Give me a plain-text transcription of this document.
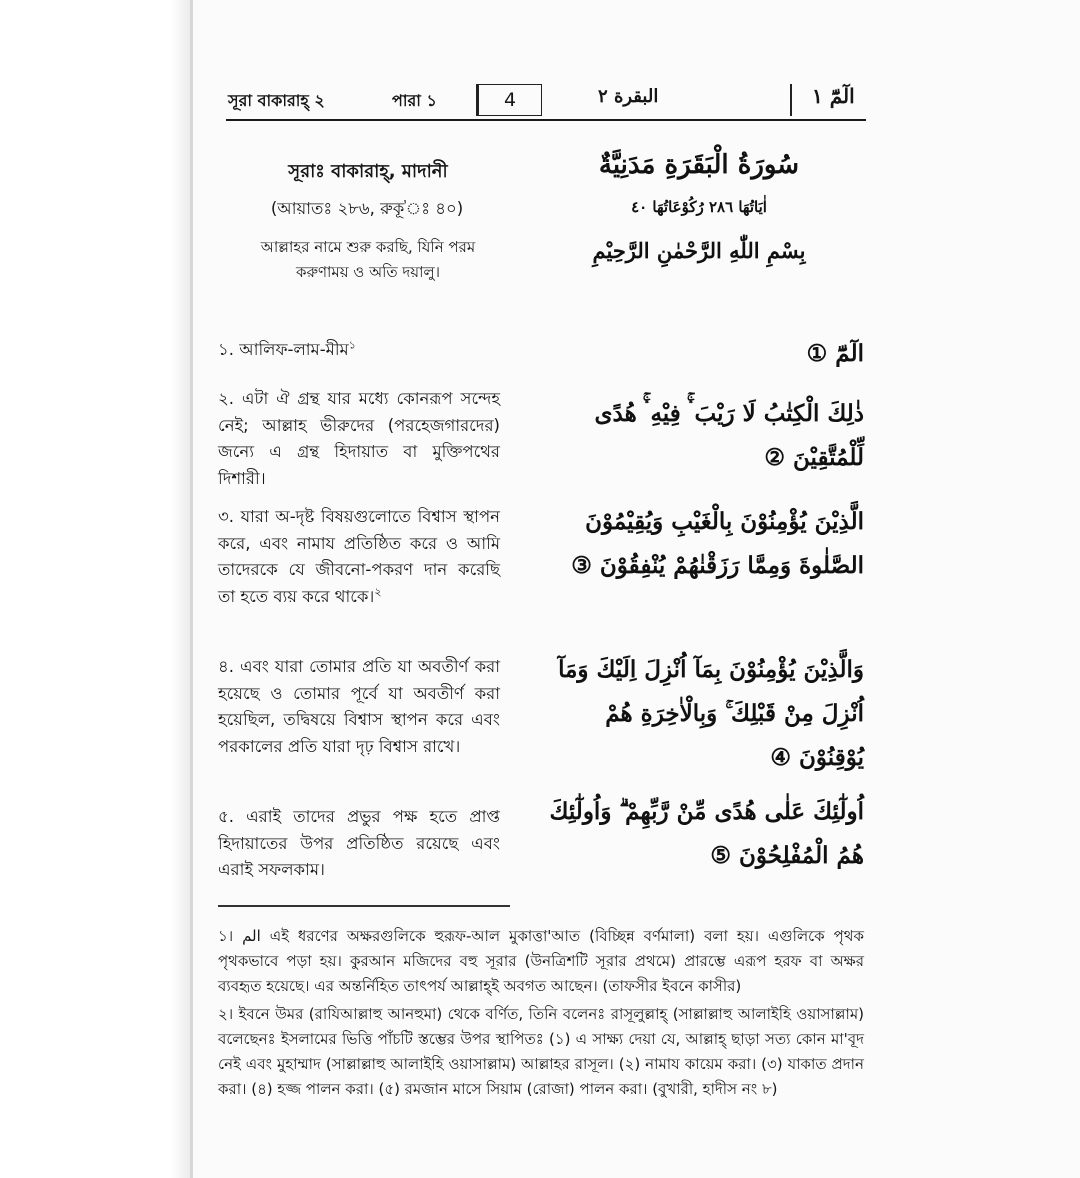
সূরা বাকারাহ্ ২	পারা ১	4	البقرة ٢	الٓمّٓ ١
সূরাঃ বাকারাহ্, মাদানী
(আয়াতঃ ২৮৬, রুকূ'ঃ ৪০)
আল্লাহর নামে শুরু করছি, যিনি পরম করুণাময় ও অতি দয়ালু।
১. আলিফ-লাম-মীম$^১$
২. এটা ঐ গ্রন্থ যার মধ্যে কোনরূপ সন্দেহ নেই; আল্লাহ ভীরুদের (পরহেজগারদের) জন্যে এ গ্রন্থ হিদায়াত বা মুক্তিপথের দিশারী।
৩. যারা অ-দৃষ্ট বিষয়গুলোতে বিশ্বাস স্থাপন করে, এবং নামায প্রতিষ্ঠিত করে ও আমি তাদেরকে যে জীবনো-পকরণ দান করেছি তা হতে ব্যয় করে থাকে।$^২$
৪. এবং যারা তোমার প্রতি যা অবতীর্ণ করা হয়েছে ও তোমার পূর্বে যা অবতীর্ণ করা হয়েছিল, তদ্বিষয়ে বিশ্বাস স্থাপন করে এবং পরকালের প্রতি যারা দৃঢ় বিশ্বাস রাখে।
৫. এরাই তাদের প্রভুর পক্ষ হতে প্রাপ্ত হিদায়াতের উপর প্রতিষ্ঠিত রয়েছে এবং এরাই সফলকাম।
سُورَةُ الْبَقَرَةِ مَدَنِيَّةٌ
اٰيَاتُهَا ٢٨٦ رُكُوْعَاتُهَا ٤٠
بِسْمِ اللّٰهِ الرَّحْمٰنِ الرَّحِيْمِ
الٓمّٓ ①
ذٰلِكَ الْكِتٰبُ لَا رَيْبَ ۛۚ فِيْهِ ۛۚ هُدًى لِّلْمُتَّقِيْنَ ②
الَّذِيْنَ يُؤْمِنُوْنَ بِالْغَيْبِ وَيُقِيْمُوْنَ الصَّلٰوةَ وَمِمَّا رَزَقْنٰهُمْ يُنْفِقُوْنَ ③
وَالَّذِيْنَ يُؤْمِنُوْنَ بِمَآ اُنْزِلَ اِلَيْكَ وَمَآ اُنْزِلَ مِنْ قَبْلِكَ ۚ وَبِالْاٰخِرَةِ هُمْ يُوْقِنُوْنَ ④
اُولٰٓئِكَ عَلٰى هُدًى مِّنْ رَّبِّهِمْ ۗ وَاُولٰٓئِكَ هُمُ الْمُفْلِحُوْنَ ⑤
১। الم এই ধরণের অক্ষরগুলিকে হুরূফ-আল মুকাত্তা'আত (বিচ্ছিন্ন বর্ণমালা) বলা হয়। এগুলিকে পৃথক পৃথকভাবে পড়া হয়। কুরআন মজিদের বহু সূরার (উনত্রিশটি সূরার প্রথমে) প্রারম্ভে এরূপ হরফ বা অক্ষর ব্যবহৃত হয়েছে। এর অন্তর্নিহিত তাৎপর্য আল্লাহ্ই অবগত আছেন। (তাফসীর ইবনে কাসীর)
২। ইবনে উমর (রাযিআল্লাহু আনহুমা) থেকে বর্ণিত, তিনি বলেনঃ রাসূলুল্লাহ্ (সাল্লাল্লাহু আলাইহি ওয়াসাল্লাম) বলেছেনঃ ইসলামের ভিত্তি পাঁচটি স্তম্ভের উপর স্থাপিতঃ (১) এ সাক্ষ্য দেয়া যে, আল্লাহ্ ছাড়া সত্য কোন মা'বূদ নেই এবং মুহাম্মাদ (সাল্লাল্লাহু আলাইহি ওয়াসাল্লাম) আল্লাহর রাসূল। (২) নামায কায়েম করা। (৩) যাকাত প্রদান করা। (৪) হজ্জ পালন করা। (৫) রমজান মাসে সিয়াম (রোজা) পালন করা। (বুখারী, হাদীস নং ৮)
